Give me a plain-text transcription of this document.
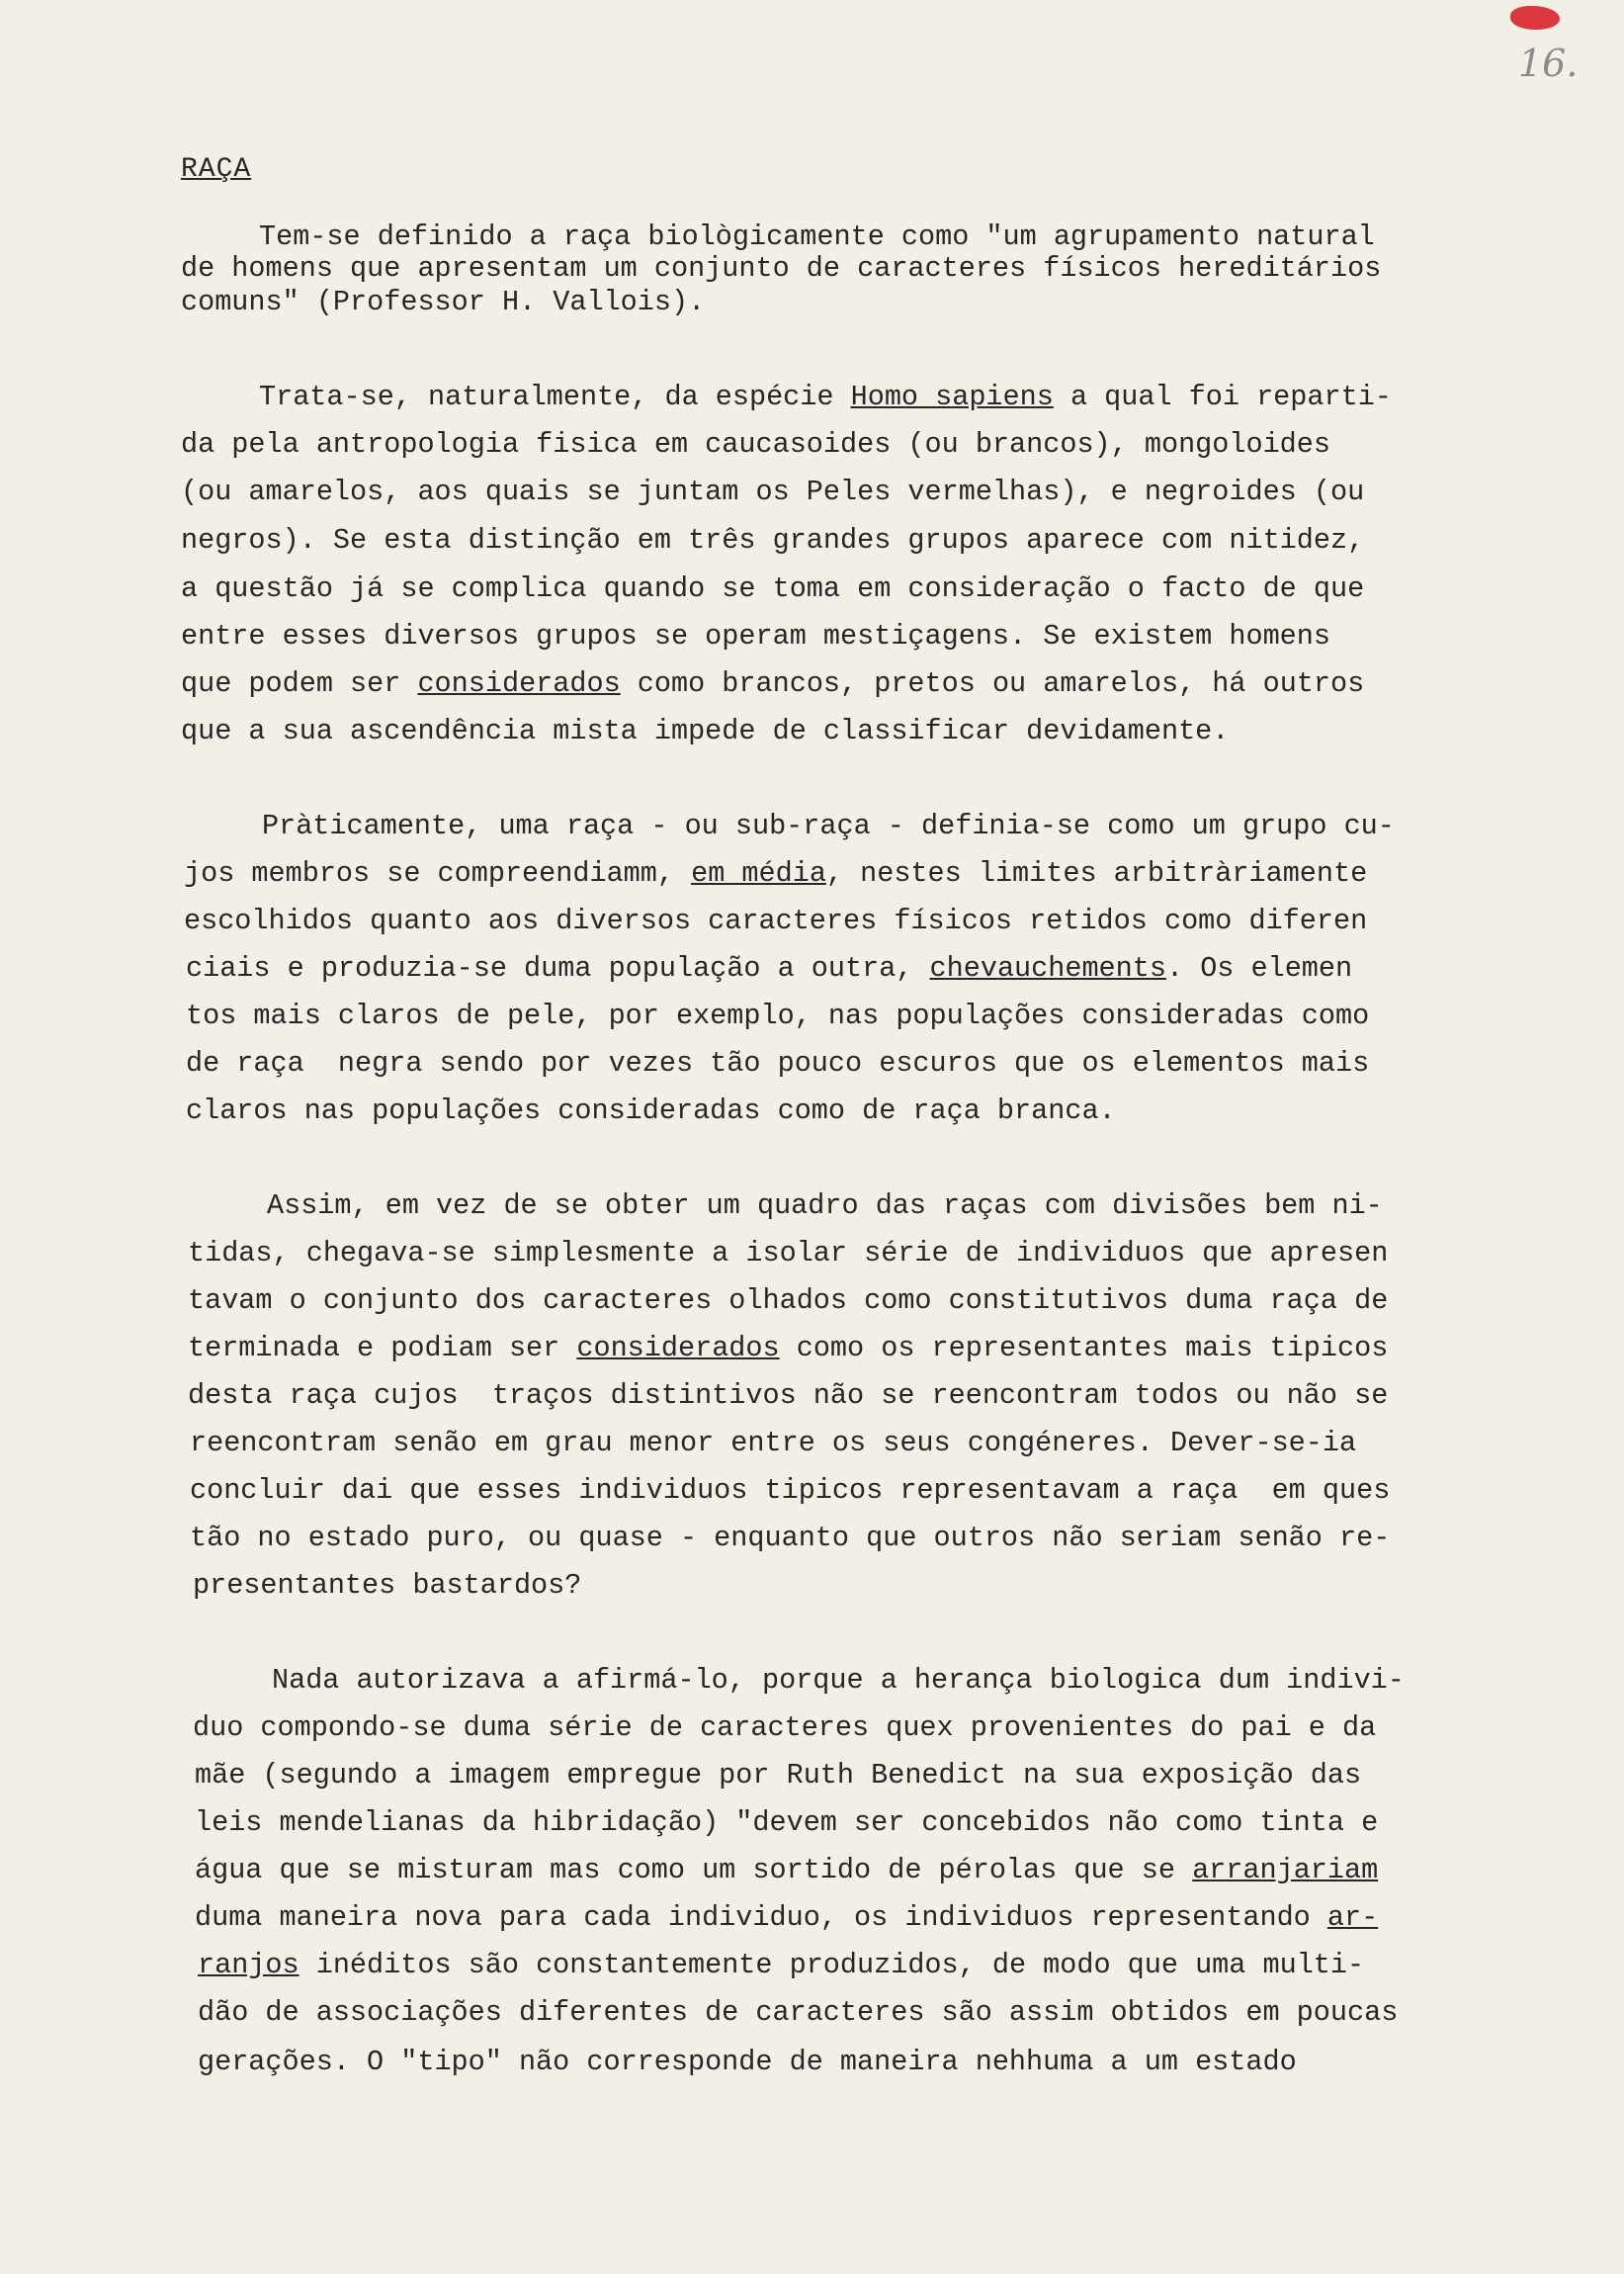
16.
RAÇA
Tem-se definido a raça biològicamente como "um agrupamento natural
de homens que apresentam um conjunto de caracteres físicos hereditários
comuns" (Professor H. Vallois).
Trata-se, naturalmente, da espécie Homo sapiens a qual foi reparti-
da pela antropologia fisica em caucasoides (ou brancos), mongoloides
(ou amarelos, aos quais se juntam os Peles vermelhas), e negroides (ou
negros). Se esta distinção em três grandes grupos aparece com nitidez,
a questão já se complica quando se toma em consideração o facto de que
entre esses diversos grupos se operam mestiçagens. Se existem homens
que podem ser considerados como brancos, pretos ou amarelos, há outros
que a sua ascendência mista impede de classificar devidamente.
Pràticamente, uma raça - ou sub-raça - definia-se como um grupo cu-
jos membros se compreendiamm, em média, nestes limites arbitràriamente
escolhidos quanto aos diversos caracteres físicos retidos como diferen
ciais e produzia-se duma população a outra, chevauchements. Os elemen
tos mais claros de pele, por exemplo, nas populações consideradas como
de raça  negra sendo por vezes tão pouco escuros que os elementos mais
claros nas populações consideradas como de raça branca.
Assim, em vez de se obter um quadro das raças com divisões bem ni-
tidas, chegava-se simplesmente a isolar série de individuos que apresen
tavam o conjunto dos caracteres olhados como constitutivos duma raça de
terminada e podiam ser considerados como os representantes mais tipicos
desta raça cujos  traços distintivos não se reencontram todos ou não se
reencontram senão em grau menor entre os seus congéneres. Dever-se-ia
concluir dai que esses individuos tipicos representavam a raça  em ques
tão no estado puro, ou quase - enquanto que outros não seriam senão re-
presentantes bastardos?
Nada autorizava a afirmá-lo, porque a herança biologica dum indivi-
duo compondo-se duma série de caracteres quex provenientes do pai e da
mãe (segundo a imagem empregue por Ruth Benedict na sua exposição das
leis mendelianas da hibridação) "devem ser concebidos não como tinta e
água que se misturam mas como um sortido de pérolas que se arranjariam
duma maneira nova para cada individuo, os individuos representando ar-
ranjos inéditos são constantemente produzidos, de modo que uma multi-
dão de associações diferentes de caracteres são assim obtidos em poucas
gerações. O "tipo" não corresponde de maneira nehhuma a um estado
